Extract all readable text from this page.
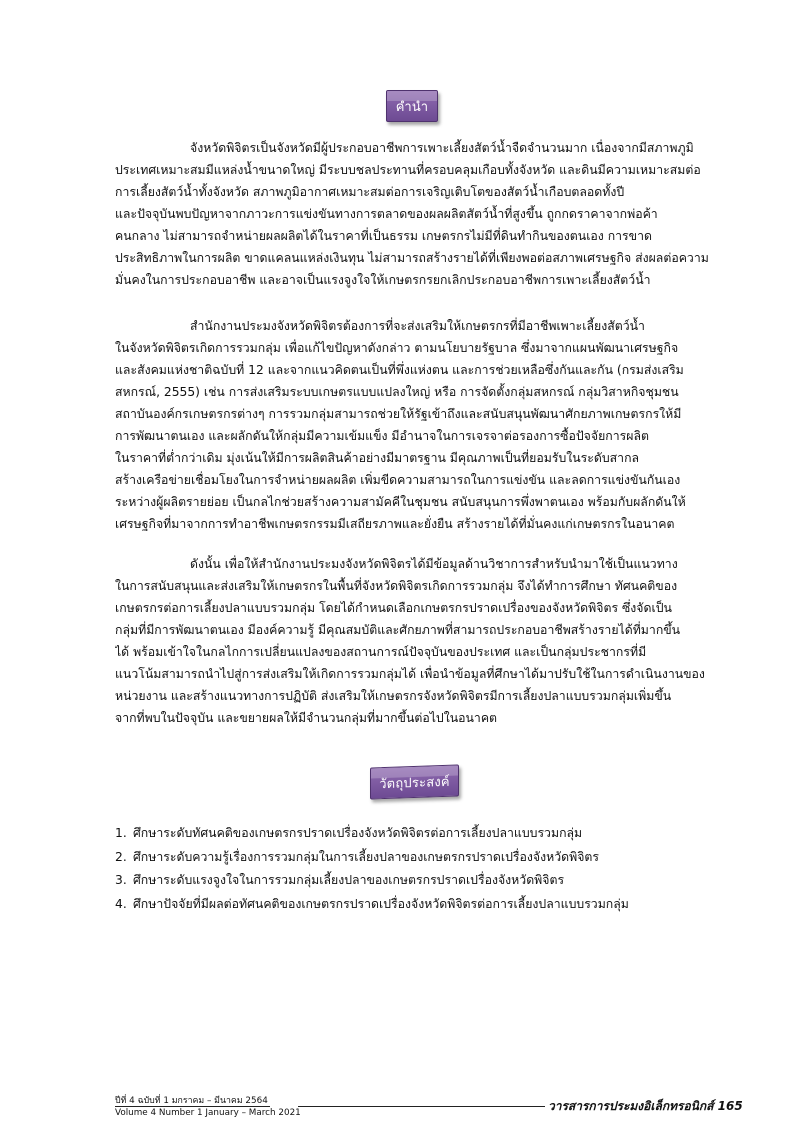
คำนำ

จังหวัดพิจิตรเป็นจังหวัดมีผู้ประกอบอาชีพการเพาะเลี้ยงสัตว์น้ำจืดจำนวนมาก เนื่องจากมีสภาพภูมิ
ประเทศเหมาะสมมีแหล่งน้ำขนาดใหญ่ มีระบบชลประทานที่ครอบคลุมเกือบทั้งจังหวัด และดินมีความเหมาะสมต่อ
การเลี้ยงสัตว์น้ำทั้งจังหวัด สภาพภูมิอากาศเหมาะสมต่อการเจริญเติบโตของสัตว์น้ำเกือบตลอดทั้งปี
และปัจจุบันพบปัญหาจากภาวะการแข่งขันทางการตลาดของผลผลิตสัตว์น้ำที่สูงขึ้น ถูกกดราคาจากพ่อค้า
คนกลาง ไม่สามารถจำหน่ายผลผลิตได้ในราคาที่เป็นธรรม เกษตรกรไม่มีที่ดินทำกินของตนเอง การขาด
ประสิทธิภาพในการผลิต ขาดแคลนแหล่งเงินทุน ไม่สามารถสร้างรายได้ที่เพียงพอต่อสภาพเศรษฐกิจ ส่งผลต่อความ
มั่นคงในการประกอบอาชีพ และอาจเป็นแรงจูงใจให้เกษตรกรยกเลิกประกอบอาชีพการเพาะเลี้ยงสัตว์น้ำ

สำนักงานประมงจังหวัดพิจิตรต้องการที่จะส่งเสริมให้เกษตรกรที่มีอาชีพเพาะเลี้ยงสัตว์น้ำ
ในจังหวัดพิจิตรเกิดการรวมกลุ่ม เพื่อแก้ไขปัญหาดังกล่าว ตามนโยบายรัฐบาล ซึ่งมาจากแผนพัฒนาเศรษฐกิจ
และสังคมแห่งชาติฉบับที่ 12 และจากแนวคิดตนเป็นที่พึ่งแห่งตน และการช่วยเหลือซึ่งกันและกัน (กรมส่งเสริม
สหกรณ์, 2555) เช่น การส่งเสริมระบบเกษตรแบบแปลงใหญ่ หรือ การจัดตั้งกลุ่มสหกรณ์ กลุ่มวิสาหกิจชุมชน
สถาบันองค์กรเกษตรกรต่างๆ การรวมกลุ่มสามารถช่วยให้รัฐเข้าถึงและสนับสนุนพัฒนาศักยภาพเกษตรกรให้มี
การพัฒนาตนเอง และผลักดันให้กลุ่มมีความเข้มแข็ง มีอำนาจในการเจรจาต่อรองการซื้อปัจจัยการผลิต
ในราคาที่ต่ำกว่าเดิม มุ่งเน้นให้มีการผลิตสินค้าอย่างมีมาตรฐาน มีคุณภาพเป็นที่ยอมรับในระดับสากล
สร้างเครือข่ายเชื่อมโยงในการจำหน่ายผลผลิต เพิ่มขีดความสามารถในการแข่งขัน และลดการแข่งขันกันเอง
ระหว่างผู้ผลิตรายย่อย เป็นกลไกช่วยสร้างความสามัคคีในชุมชน สนับสนุนการพึ่งพาตนเอง พร้อมกับผลักดันให้
เศรษฐกิจที่มาจากการทำอาชีพเกษตรกรรมมีเสถียรภาพและยั่งยืน สร้างรายได้ที่มั่นคงแก่เกษตรกรในอนาคต

ดังนั้น เพื่อให้สำนักงานประมงจังหวัดพิจิตรได้มีข้อมูลด้านวิชาการสำหรับนำมาใช้เป็นแนวทาง
ในการสนับสนุนและส่งเสริมให้เกษตรกรในพื้นที่จังหวัดพิจิตรเกิดการรวมกลุ่ม จึงได้ทำการศึกษา ทัศนคติของ
เกษตรกรต่อการเลี้ยงปลาแบบรวมกลุ่ม โดยได้กำหนดเลือกเกษตรกรปราดเปรื่องของจังหวัดพิจิตร ซึ่งจัดเป็น
กลุ่มที่มีการพัฒนาตนเอง มีองค์ความรู้ มีคุณสมบัติและศักยภาพที่สามารถประกอบอาชีพสร้างรายได้ที่มากขึ้น
ได้ พร้อมเข้าใจในกลไกการเปลี่ยนแปลงของสถานการณ์ปัจจุบันของประเทศ และเป็นกลุ่มประชากรที่มี
แนวโน้มสามารถนำไปสู่การส่งเสริมให้เกิดการรวมกลุ่มได้ เพื่อนำข้อมูลที่ศึกษาได้มาปรับใช้ในการดำเนินงานของ
หน่วยงาน และสร้างแนวทางการปฏิบัติ ส่งเสริมให้เกษตรกรจังหวัดพิจิตรมีการเลี้ยงปลาแบบรวมกลุ่มเพิ่มขึ้น
จากที่พบในปัจจุบัน และขยายผลให้มีจำนวนกลุ่มที่มากขึ้นต่อไปในอนาคต

วัตถุประสงค์
1. ศึกษาระดับทัศนคติของเกษตรกรปราดเปรื่องจังหวัดพิจิตรต่อการเลี้ยงปลาแบบรวมกลุ่ม
2. ศึกษาระดับความรู้เรื่องการรวมกลุ่มในการเลี้ยงปลาของเกษตรกรปราดเปรื่องจังหวัดพิจิตร
3. ศึกษาระดับแรงจูงใจในการรวมกลุ่มเลี้ยงปลาของเกษตรกรปราดเปรื่องจังหวัดพิจิตร
4. ศึกษาปัจจัยที่มีผลต่อทัศนคติของเกษตรกรปราดเปรื่องจังหวัดพิจิตรต่อการเลี้ยงปลาแบบรวมกลุ่ม
ปีที่ 4 ฉบับที่ 1 มกราคม – มีนาคม 2564
Volume 4 Number 1 January – March 2021	วารสารการประมงอิเล็กทรอนิกส์ 165
